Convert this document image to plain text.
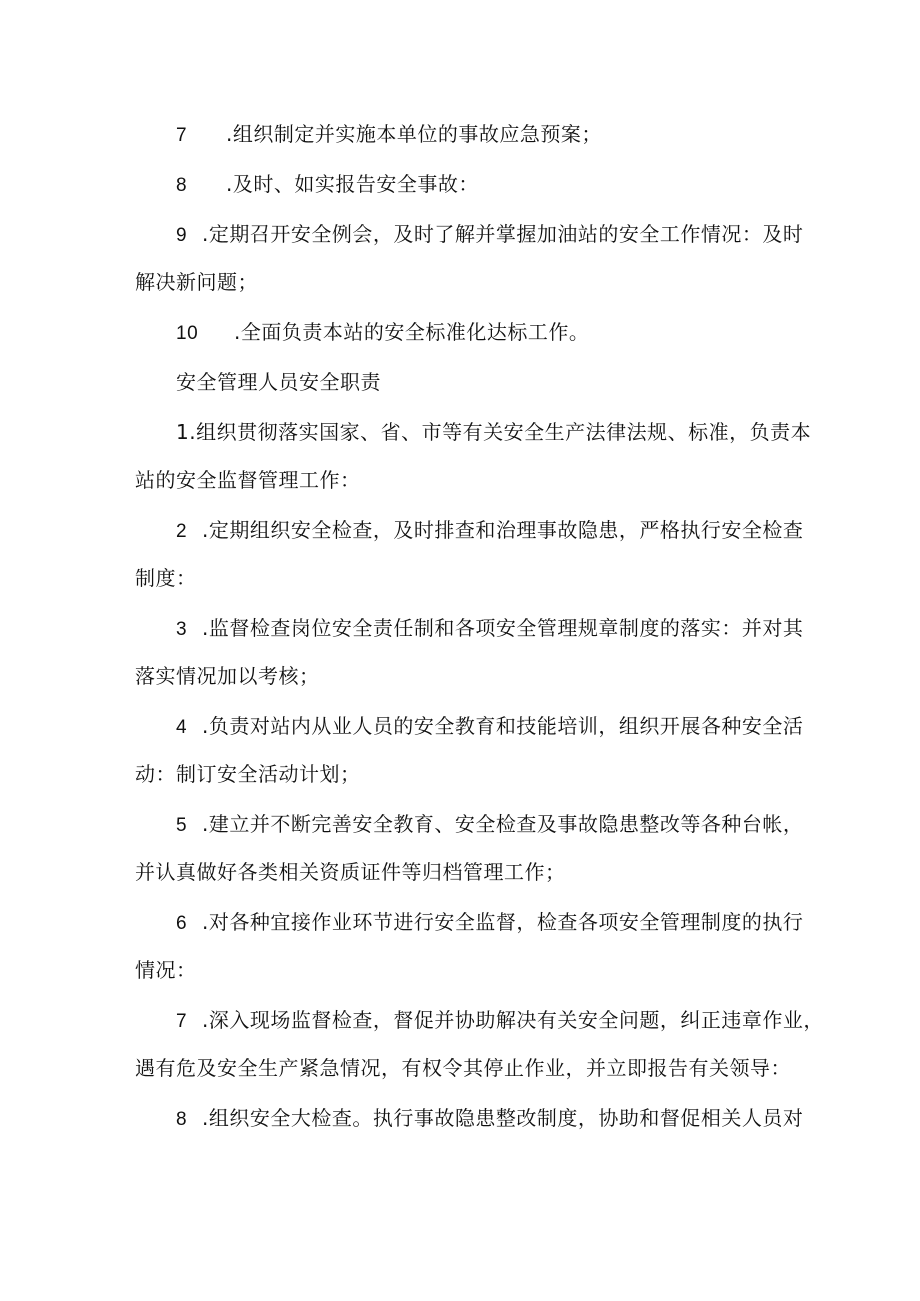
7 .组织制定并实施本单位的事故应急预案；
8 .及时、如实报告安全事故：
9 .定期召开安全例会，及时了解并掌握加油站的安全工作情况：及时
解决新问题；
10 .全面负责本站的安全标准化达标工作。
安全管理人员安全职责
1.组织贯彻落实国家、省、市等有关安全生产法律法规、标准，负责本
站的安全监督管理工作：
2 .定期组织安全检查，及时排查和治理事故隐患，严格执行安全检查
制度：
3 .监督检查岗位安全责任制和各项安全管理规章制度的落实：并对其
落实情况加以考核；
4 .负责对站内从业人员的安全教育和技能培训，组织开展各种安全活
动：制订安全活动计划；
5 .建立并不断完善安全教育、安全检查及事故隐患整改等各种台帐，
并认真做好各类相关资质证件等归档管理工作；
6 .对各种宜接作业环节进行安全监督，检查各项安全管理制度的执行
情况：
7 .深入现场监督检查，督促并协助解决有关安全问题，纠正违章作业，
遇有危及安全生产紧急情况，有权令其停止作业，并立即报告有关领导：
8 .组织安全大检查。执行事故隐患整改制度，协助和督促相关人员对
